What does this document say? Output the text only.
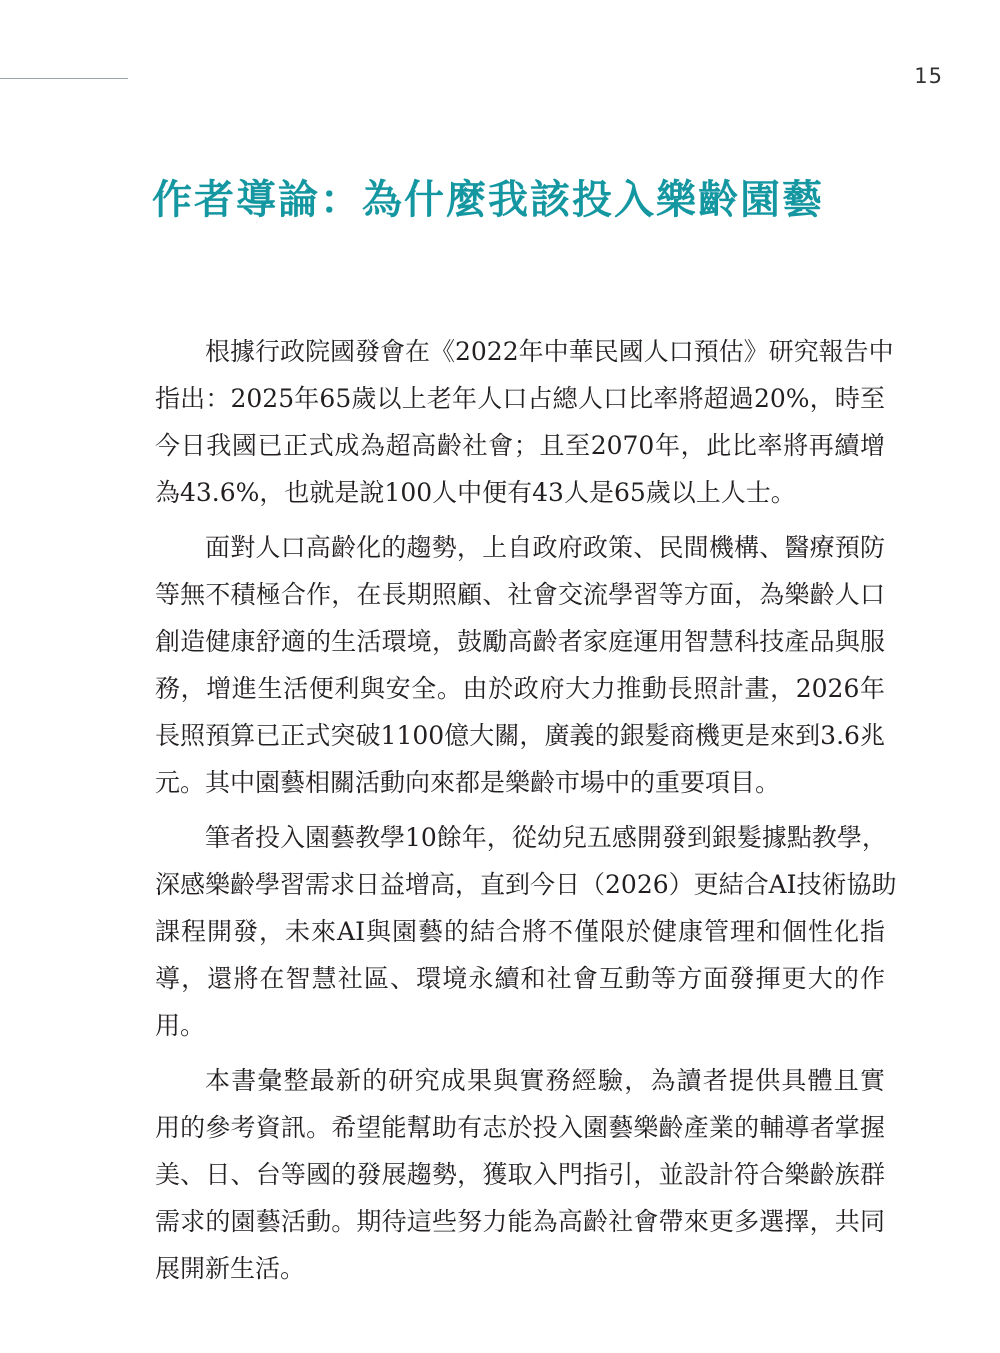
15
作者導論：為什麼我該投入樂齡園藝
根據行政院國發會在《2022年中華民國人口預估》研究報告中
指出：2025年65歲以上老年人口占總人口比率將超過20%，時至
今日我國已正式成為超高齡社會；且至2070年，此比率將再續增
為43.6%，也就是說100人中便有43人是65歲以上人士。
面對人口高齡化的趨勢，上自政府政策、民間機構、醫療預防
等無不積極合作，在長期照顧、社會交流學習等方面，為樂齡人口
創造健康舒適的生活環境，鼓勵高齡者家庭運用智慧科技產品與服
務，增進生活便利與安全。由於政府大力推動長照計畫，2026年
長照預算已正式突破1100億大關，廣義的銀髮商機更是來到3.6兆
元。其中園藝相關活動向來都是樂齡市場中的重要項目。
筆者投入園藝教學10餘年，從幼兒五感開發到銀髮據點教學，
深感樂齡學習需求日益增高，直到今日（2026）更結合AI技術協助
課程開發，未來AI與園藝的結合將不僅限於健康管理和個性化指
導，還將在智慧社區、環境永續和社會互動等方面發揮更大的作
用。
本書彙整最新的研究成果與實務經驗，為讀者提供具體且實
用的參考資訊。希望能幫助有志於投入園藝樂齡產業的輔導者掌握
美、日、台等國的發展趨勢，獲取入門指引，並設計符合樂齡族群
需求的園藝活動。期待這些努力能為高齡社會帶來更多選擇，共同
展開新生活。
